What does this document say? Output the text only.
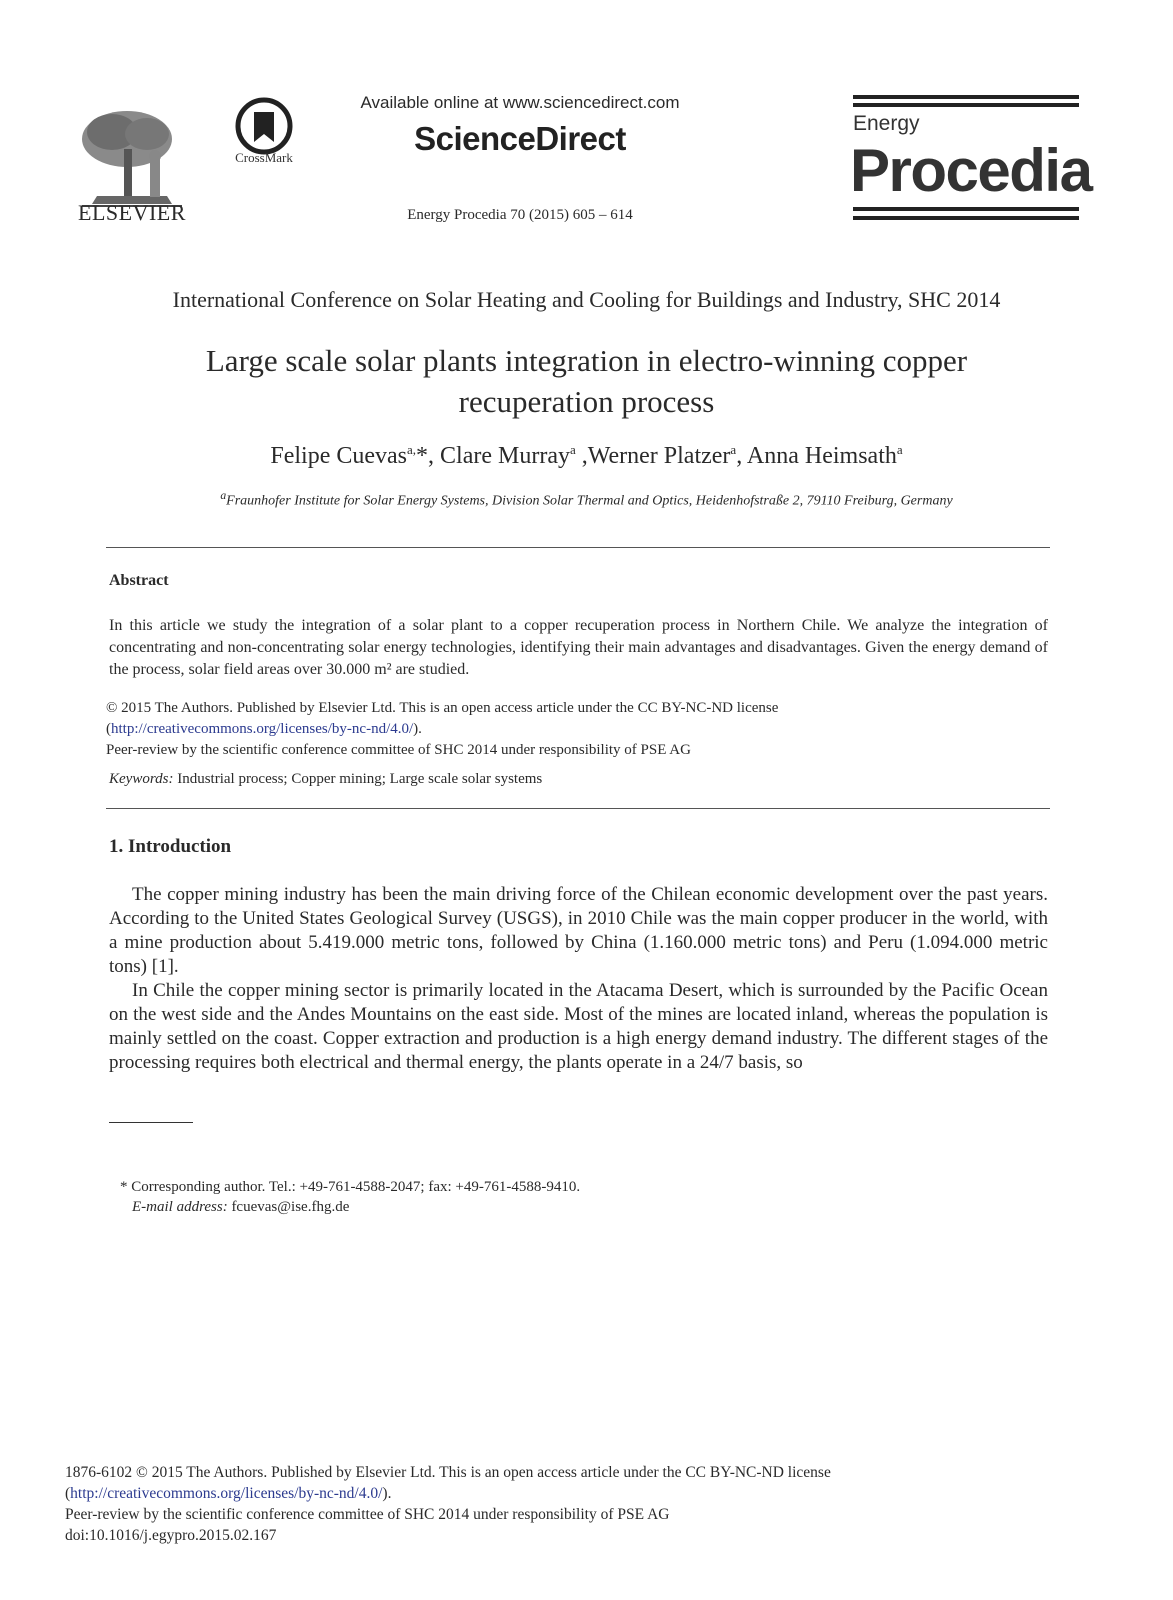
ELSEVIER
CrossMark
Available online at www.sciencedirect.com
ScienceDirect
Energy Procedia 70 (2015) 605 – 614
Energy
Procedia
International Conference on Solar Heating and Cooling for Buildings and Industry, SHC 2014
Large scale solar plants integration in electro-winning copper
recuperation process
Felipe Cuevas$^{a,}$*, Clare Murray$^a$ ,Werner Platzer$^a$, Anna Heimsath$^a$
$^a$Fraunhofer Institute for Solar Energy Systems, Division Solar Thermal and Optics, Heidenhofstraße 2, 79110 Freiburg, Germany
Abstract
In this article we study the integration of a solar plant to a copper recuperation process in Northern Chile. We analyze the integration of concentrating and non-concentrating solar energy technologies, identifying their main advantages and disadvantages. Given the energy demand of the process, solar field areas over 30.000 m² are studied.
© 2015 The Authors. Published by Elsevier Ltd. This is an open access article under the CC BY-NC-ND license
(http://creativecommons.org/licenses/by-nc-nd/4.0/).
Peer-review by the scientific conference committee of SHC 2014 under responsibility of PSE AG
Keywords: Industrial process; Copper mining; Large scale solar systems
1. Introduction

The copper mining industry has been the main driving force of the Chilean economic development over the past years. According to the United States Geological Survey (USGS), in 2010 Chile was the main copper producer in the world, with a mine production about 5.419.000 metric tons, followed by China (1.160.000 metric tons) and Peru (1.094.000 metric tons) [1].

In Chile the copper mining sector is primarily located in the Atacama Desert, which is surrounded by the Pacific Ocean on the west side and the Andes Mountains on the east side. Most of the mines are located inland, whereas the population is mainly settled on the coast. Copper extraction and production is a high energy demand industry. The different stages of the processing requires both electrical and thermal energy, the plants operate in a 24/7 basis, so

* Corresponding author. Tel.: +49-761-4588-2047; fax: +49-761-4588-9410.
E-mail address: fcuevas@ise.fhg.de
1876-6102 © 2015 The Authors. Published by Elsevier Ltd. This is an open access article under the CC BY-NC-ND license
(http://creativecommons.org/licenses/by-nc-nd/4.0/).
Peer-review by the scientific conference committee of SHC 2014 under responsibility of PSE AG
doi:10.1016/j.egypro.2015.02.167
